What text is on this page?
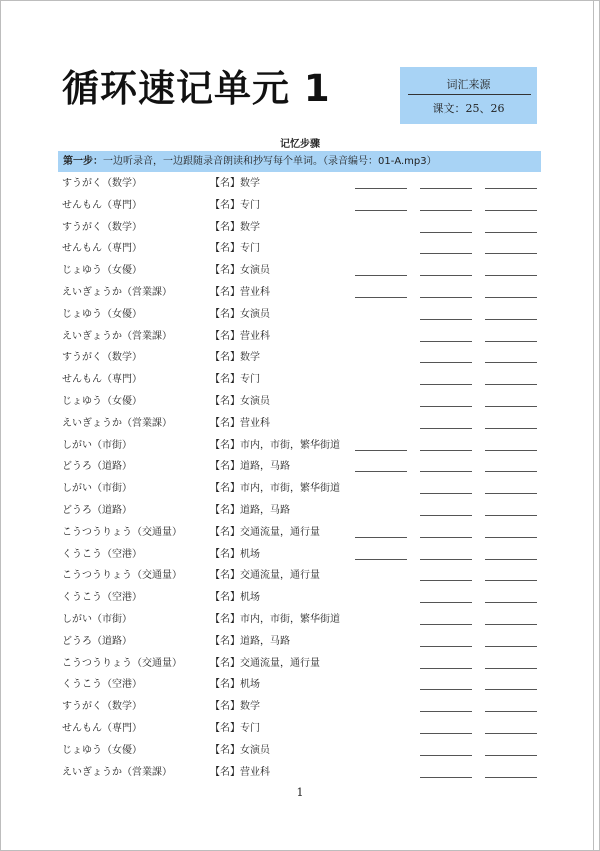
循环速记单元 1	词汇来源
课文：25、26
记忆步骤
第一步：一边听录音，一边跟随录音朗读和抄写每个单词。（录音编号：01-A.mp3）
すうがく（数学）	【名】数学
せんもん（専門）	【名】专门
すうがく（数学）	【名】数学
せんもん（専門）	【名】专门
じょゆう（女優）	【名】女演员
えいぎょうか（営業課）	【名】营业科
じょゆう（女優）	【名】女演员
えいぎょうか（営業課）	【名】营业科
すうがく（数学）	【名】数学
せんもん（専門）	【名】专门
じょゆう（女優）	【名】女演员
えいぎょうか（営業課）	【名】营业科
しがい（市街）	【名】市内，市街，繁华街道
どうろ（道路）	【名】道路，马路
しがい（市街）	【名】市内，市街，繁华街道
どうろ（道路）	【名】道路，马路
こうつうりょう（交通量）	【名】交通流量，通行量
くうこう（空港）	【名】机场
こうつうりょう（交通量）	【名】交通流量，通行量
くうこう（空港）	【名】机场
しがい（市街）	【名】市内，市街，繁华街道
どうろ（道路）	【名】道路，马路
こうつうりょう（交通量）	【名】交通流量，通行量
くうこう（空港）	【名】机场
すうがく（数学）	【名】数学
せんもん（専門）	【名】专门
じょゆう（女優）	【名】女演员
えいぎょうか（営業課）	【名】营业科
1
